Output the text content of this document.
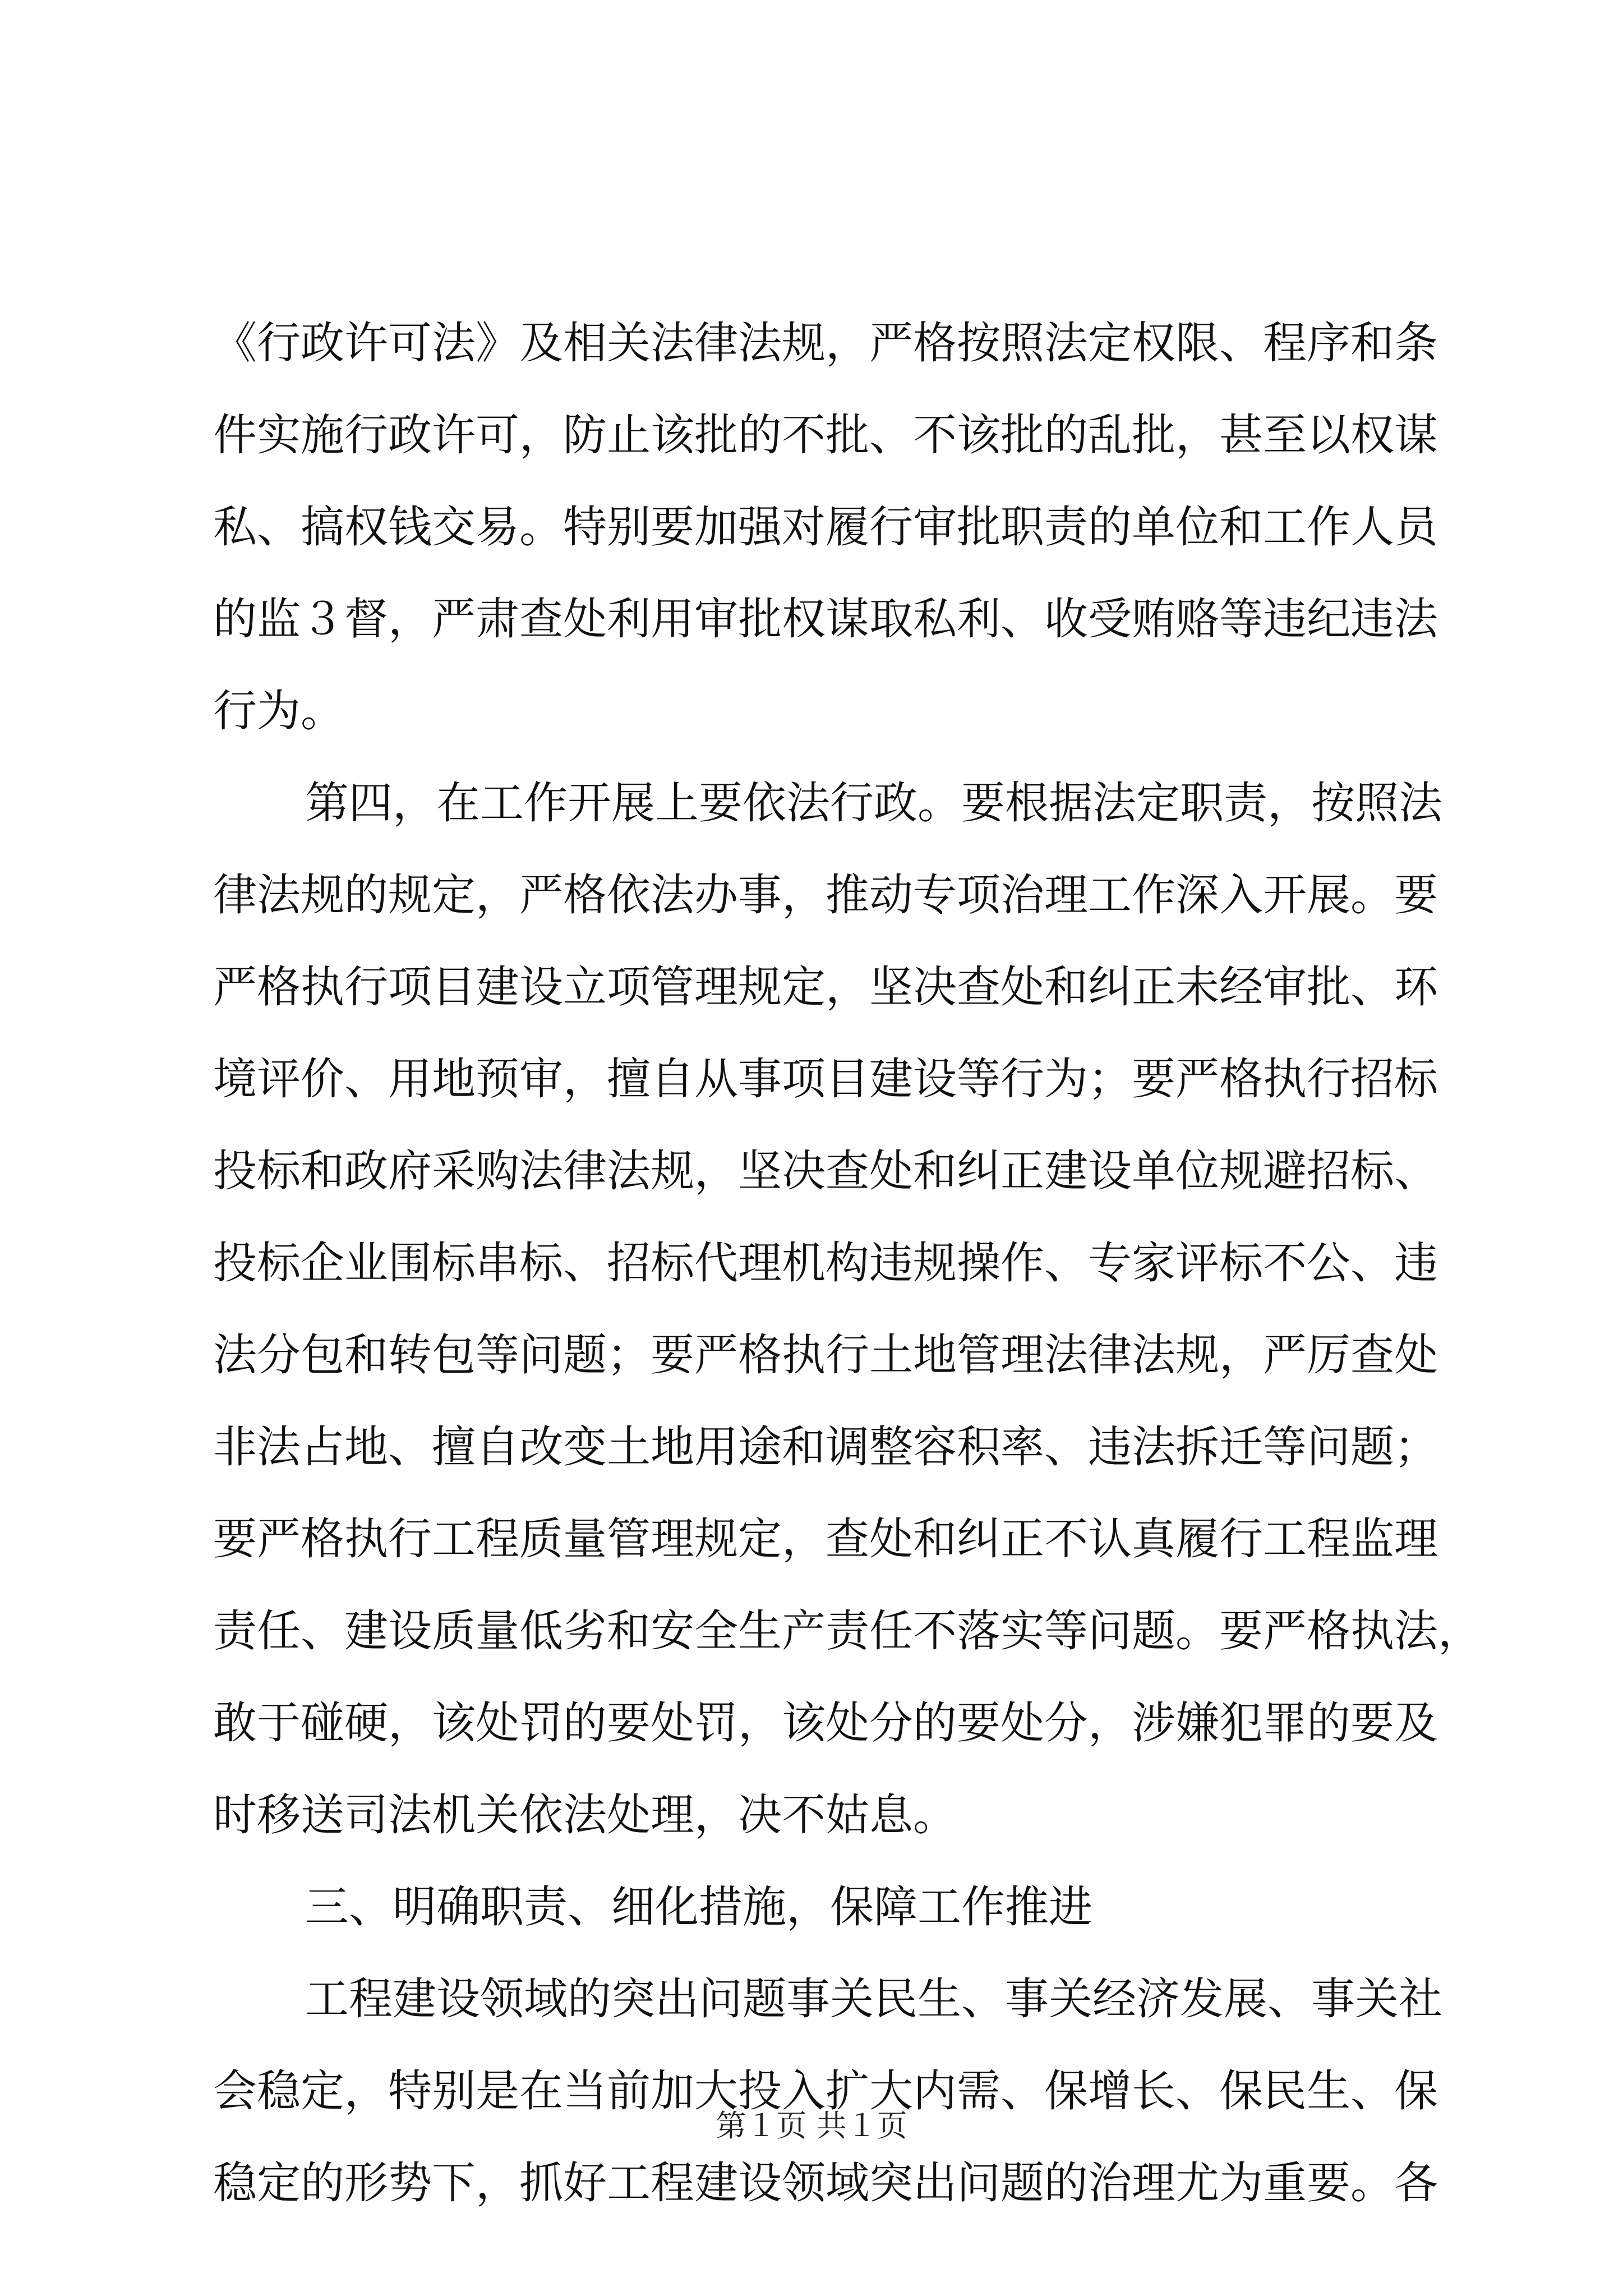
《行政许可法》及相关法律法规，严格按照法定权限、程序和条
件实施行政许可，防止该批的不批、不该批的乱批，甚至以权谋
私、搞权钱交易。特别要加强对履行审批职责的单位和工作人员
的监３督，严肃查处利用审批权谋取私利、收受贿赂等违纪违法
行为。
第四，在工作开展上要依法行政。要根据法定职责，按照法
律法规的规定，严格依法办事，推动专项治理工作深入开展。要
严格执行项目建设立项管理规定，坚决查处和纠正未经审批、环
境评价、用地预审，擅自从事项目建设等行为；要严格执行招标
投标和政府采购法律法规，坚决查处和纠正建设单位规避招标、
投标企业围标串标、招标代理机构违规操作、专家评标不公、违
法分包和转包等问题；要严格执行土地管理法律法规，严厉查处
非法占地、擅自改变土地用途和调整容积率、违法拆迁等问题；
要严格执行工程质量管理规定，查处和纠正不认真履行工程监理
责任、建设质量低劣和安全生产责任不落实等问题。要严格执法，
敢于碰硬，该处罚的要处罚，该处分的要处分，涉嫌犯罪的要及
时移送司法机关依法处理，决不姑息。
三、明确职责、细化措施，保障工作推进
工程建设领域的突出问题事关民生、事关经济发展、事关社
会稳定，特别是在当前加大投入扩大内需、保增长、保民生、保
稳定的形势下，抓好工程建设领域突出问题的治理尤为重要。各
第１页 共１页
